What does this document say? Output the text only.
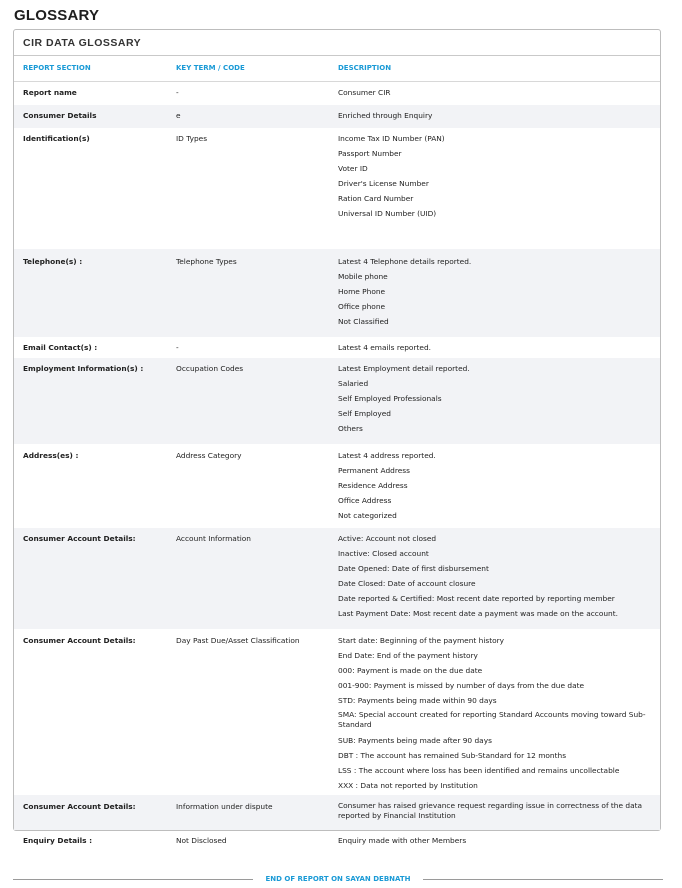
GLOSSARY
CIR DATA GLOSSARY
REPORT SECTION	KEY TERM / CODE	DESCRIPTION
Report name	-	Consumer CIR
Consumer Details	e	Enriched through Enquiry
Identification(s)	ID Types	Income Tax ID Number (PAN)
Passport Number
Voter ID
Driver's License Number
Ration Card Number
Universal ID Number (UID)
Telephone(s) :	Telephone Types	Latest 4 Telephone details reported.
Mobile phone
Home Phone
Office phone
Not Classified
Email Contact(s) :	-	Latest 4 emails reported.
Employment Information(s) :	Occupation Codes	Latest Employment detail reported.
Salaried
Self Employed Professionals
Self Employed
Others
Address(es) :	Address Category	Latest 4 address reported.
Permanent Address
Residence Address
Office Address
Not categorized
Consumer Account Details:	Account Information	Active: Account not closed
Inactive: Closed account
Date Opened: Date of first disbursement
Date Closed: Date of account closure
Date reported & Certified: Most recent date reported by reporting member
Last Payment Date: Most recent date a payment was made on the account.
Consumer Account Details:	Day Past Due/Asset Classification	Start date: Beginning of the payment history
End Date: End of the payment history
000: Payment is made on the due date
001-900: Payment is missed by number of days from the due date
STD: Payments being made within 90 days
SMA: Special account created for reporting Standard Accounts moving toward Sub-Standard
SUB: Payments being made after 90 days
DBT : The account has remained Sub-Standard for 12 months
LSS : The account where loss has been identified and remains uncollectable
XXX : Data not reported by Institution
Consumer Account Details:	Information under dispute	Consumer has raised grievance request regarding issue in correctness of the data reported by Financial Institution
Enquiry Details :	Not Disclosed	Enquiry made with other Members
END OF REPORT ON SAYAN DEBNATH
